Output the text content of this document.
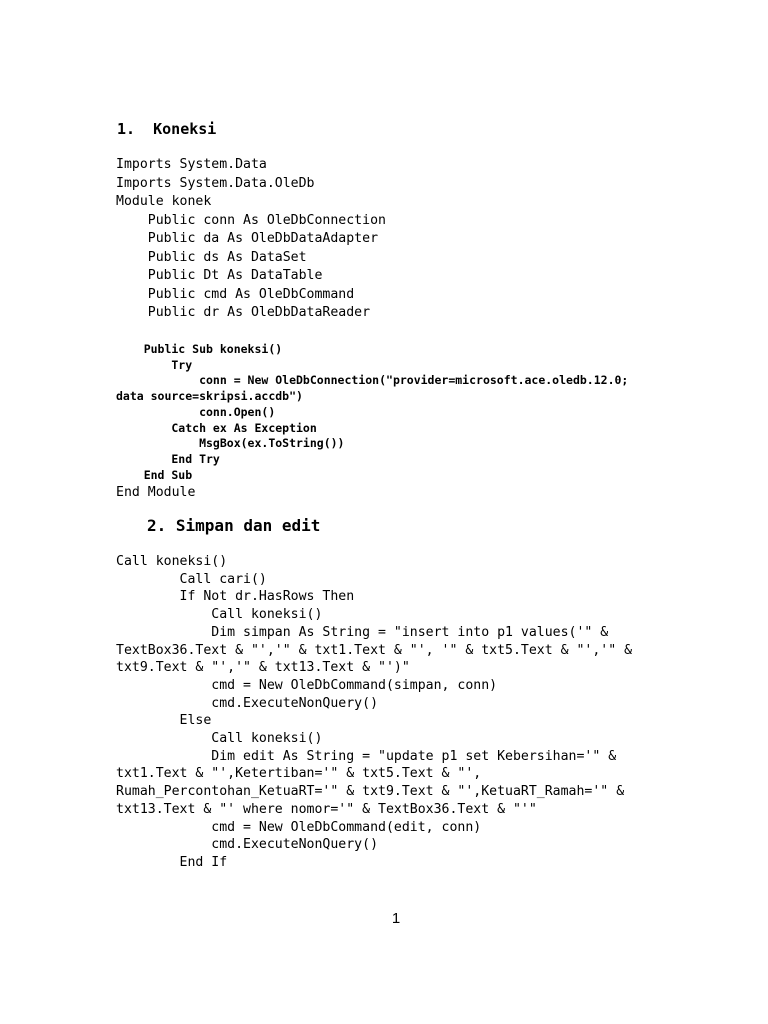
1.  Koneksi
Imports System.Data
Imports System.Data.OleDb
Module konek
Public conn As OleDbConnection
Public da As OleDbDataAdapter
Public ds As DataSet
Public Dt As DataTable
Public cmd As OleDbCommand
Public dr As OleDbDataReader
Public Sub koneksi()
Try
conn = New OleDbConnection("provider=microsoft.ace.oledb.12.0;
data source=skripsi.accdb")
conn.Open()
Catch ex As Exception
MsgBox(ex.ToString())
End Try
End Sub
End Module
2. Simpan dan edit
Call koneksi()
Call cari()
If Not dr.HasRows Then
Call koneksi()
Dim simpan As String = "insert into p1 values('" &
TextBox36.Text & "','" & txt1.Text & "', '" & txt5.Text & "','" &
txt9.Text & "','" & txt13.Text & "')"
cmd = New OleDbCommand(simpan, conn)
cmd.ExecuteNonQuery()
Else
Call koneksi()
Dim edit As String = "update p1 set Kebersihan='" &
txt1.Text & "',Ketertiban='" & txt5.Text & "',
Rumah_Percontohan_KetuaRT='" & txt9.Text & "',KetuaRT_Ramah='" &
txt13.Text & "' where nomor='" & TextBox36.Text & "'"
cmd = New OleDbCommand(edit, conn)
cmd.ExecuteNonQuery()
End If
1
